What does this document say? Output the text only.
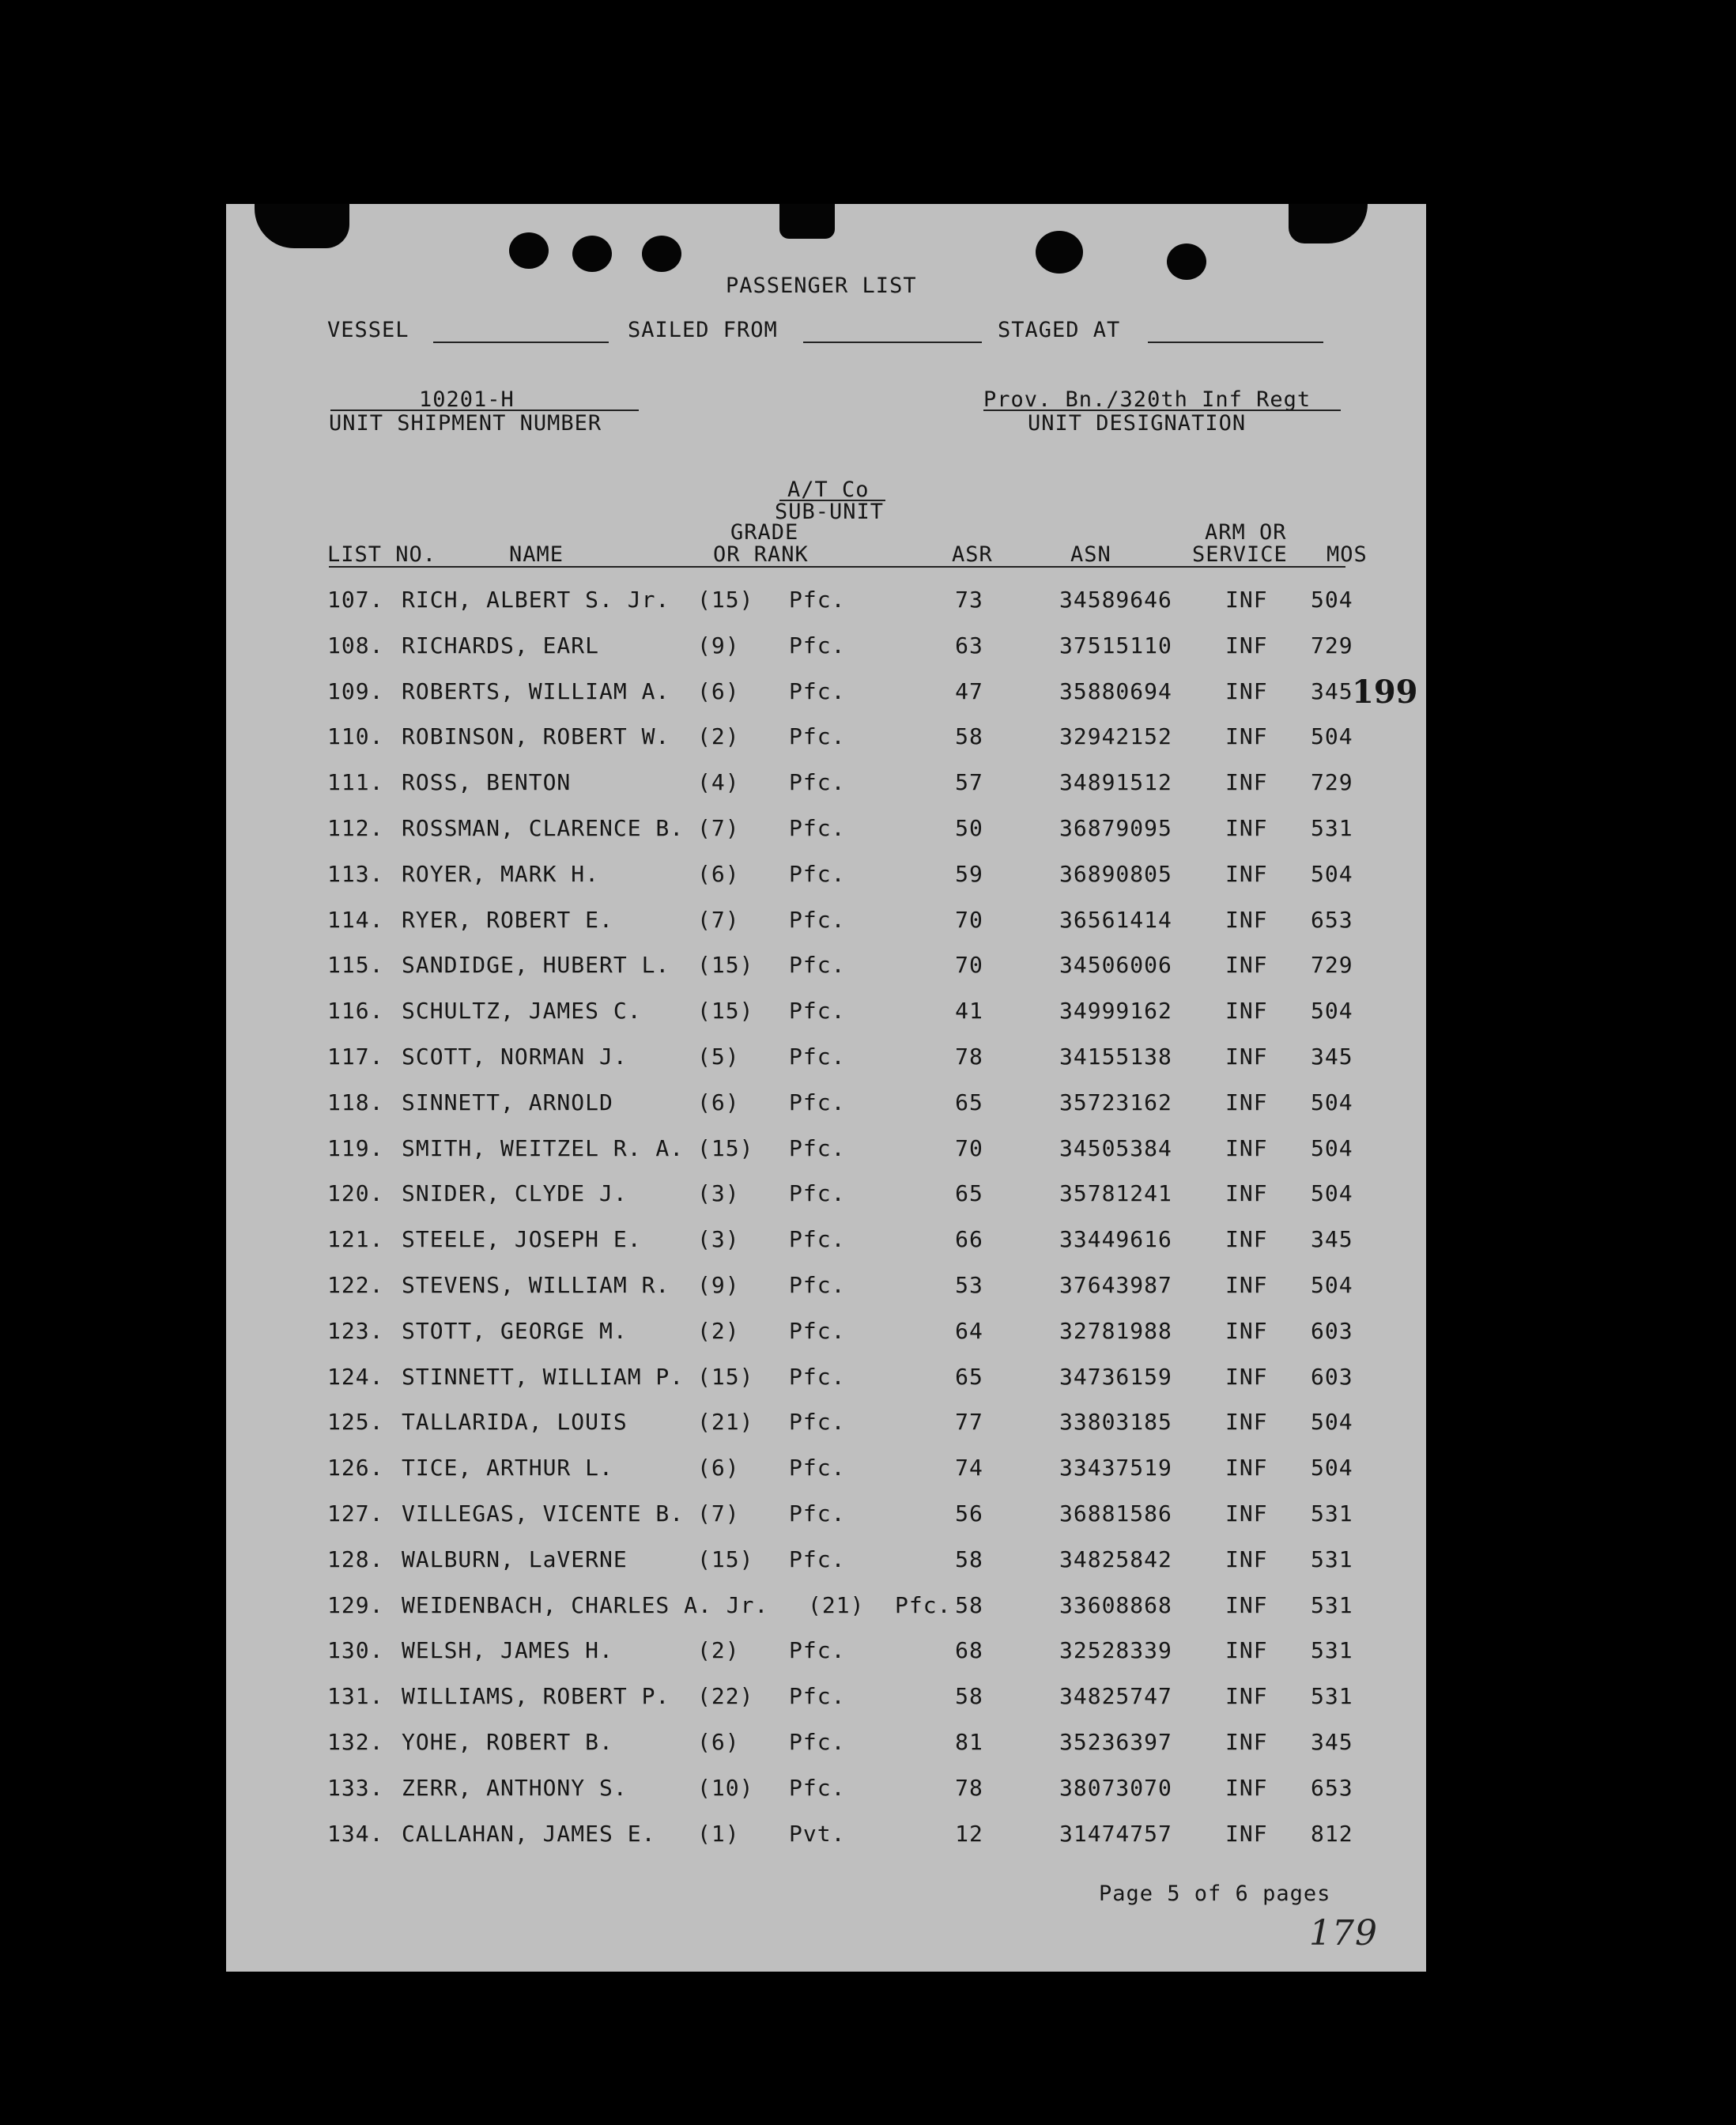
PASSENGER LIST
VESSEL	SAILED FROM	STAGED AT
10201-H
UNIT SHIPMENT NUMBER
Prov. Bn./320th Inf Regt
UNIT DESIGNATION
A/T Co
SUB-UNIT
GRADE	ARM OR
LIST NO.	NAME	OR RANK	ASR	ASN	SERVICE MOS
107. RICH, ALBERT S. Jr. (15) Pfc.	73	34589646 INF 504
108. RICHARDS, EARL	(9) Pfc.	63	37515110 INF 729
109. ROBERTS, WILLIAM A. (6) Pfc.	47	35880694 INF 345
110. ROBINSON, ROBERT W. (2) Pfc.	58	32942152 INF 504
111. ROSS, BENTON	(4) Pfc.	57	34891512 INF 729
112. ROSSMAN, CLARENCE B. (7) Pfc.	50	36879095 INF 531
113. ROYER, MARK H.	(6) Pfc.	59	36890805 INF 504
114. RYER, ROBERT E.	(7) Pfc.	70	36561414 INF 653
115. SANDIDGE, HUBERT L. (15) Pfc.	70	34506006 INF 729
116. SCHULTZ, JAMES C.	(15) Pfc.	41	34999162 INF 504
117. SCOTT, NORMAN J.	(5) Pfc.	78	34155138 INF 345
118. SINNETT, ARNOLD	(6) Pfc.	65	35723162 INF 504
119. SMITH, WEITZEL R. A. (15) Pfc.	70	34505384 INF 504
120. SNIDER, CLYDE J.	(3) Pfc.	65	35781241 INF 504
121. STEELE, JOSEPH E.	(3) Pfc.	66	33449616 INF 345
122. STEVENS, WILLIAM R. (9) Pfc.	53	37643987 INF 504
123. STOTT, GEORGE M.	(2) Pfc.	64	32781988 INF 603
124. STINNETT, WILLIAM P. (15) Pfc.	65	34736159 INF 603
125. TALLARIDA, LOUIS	(21) Pfc.	77	33803185 INF 504
126. TICE, ARTHUR L.	(6) Pfc.	74	33437519 INF 504
127. VILLEGAS, VICENTE B. (7) Pfc.	56	36881586 INF 531
128. WALBURN, LaVERNE	(15) Pfc.	58	34825842 INF 531
129. WEIDENBACH, CHARLES A. Jr. (21) Pfc. 58	33608868 INF 531
130. WELSH, JAMES H.	(2) Pfc.	68	32528339 INF 531
131. WILLIAMS, ROBERT P. (22) Pfc.	58	34825747 INF 531
132. YOHE, ROBERT B.	(6) Pfc.	81	35236397 INF 345
133. ZERR, ANTHONY S.	(10) Pfc.	78	38073070 INF 653
134. CALLAHAN, JAMES E. (1) Pvt.	12	31474757 INF 812
199
Page 5 of 6 pages
179
